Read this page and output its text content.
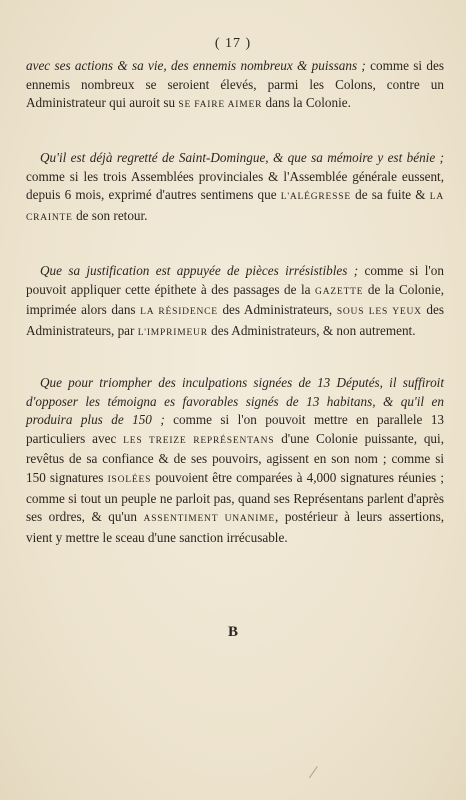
( 17 )

avec ses actions & sa vie, des ennemis nombreux & puissans ; comme si des ennemis nombreux se seroient élevés, parmi les Colons, contre un Administrateur qui auroit su SE FAIRE AIMER dans la Colonie.

Qu'il est déjà regretté de Saint-Domingue, & que sa mémoire y est bénie ; comme si les trois Assemblées provinciales & l'Assemblée générale eussent, depuis 6 mois, exprimé d'autres sentimens que L'ALÉGRESSE de sa fuite & LA CRAINTE de son retour.

Que sa justification est appuyée de pièces irrésistibles ; comme si l'on pouvoit appliquer cette épithete à des passages de la GAZETTE de la Colonie, imprimée alors dans LA RÉSIDENCE des Administrateurs, SOUS LES YEUX des Administrateurs, par L'IMPRIMEUR des Administrateurs, & non autrement.

Que pour triompher des inculpations signées de 13 Députés, il suffiroit d'opposer les témoigna es favorables signés de 13 habitans, & qu'il en produira plus de 150 ; comme si l'on pouvoit mettre en parallele 13 particuliers avec LES TREIZE REPRÉSENTANS d'une Colonie puissante, qui, revêtus de sa confiance & de ses pouvoirs, agissent en son nom ; comme si 150 signatures ISOLÉES pouvoient être comparées à 4,000 signatures réunies ; comme si tout un peuple ne parloit pas, quand ses Représentans parlent d'après ses ordres, & qu'un ASSENTIMENT UNANIME, postérieur à leurs assertions, vient y mettre le sceau d'une sanction irrécusable.

B
